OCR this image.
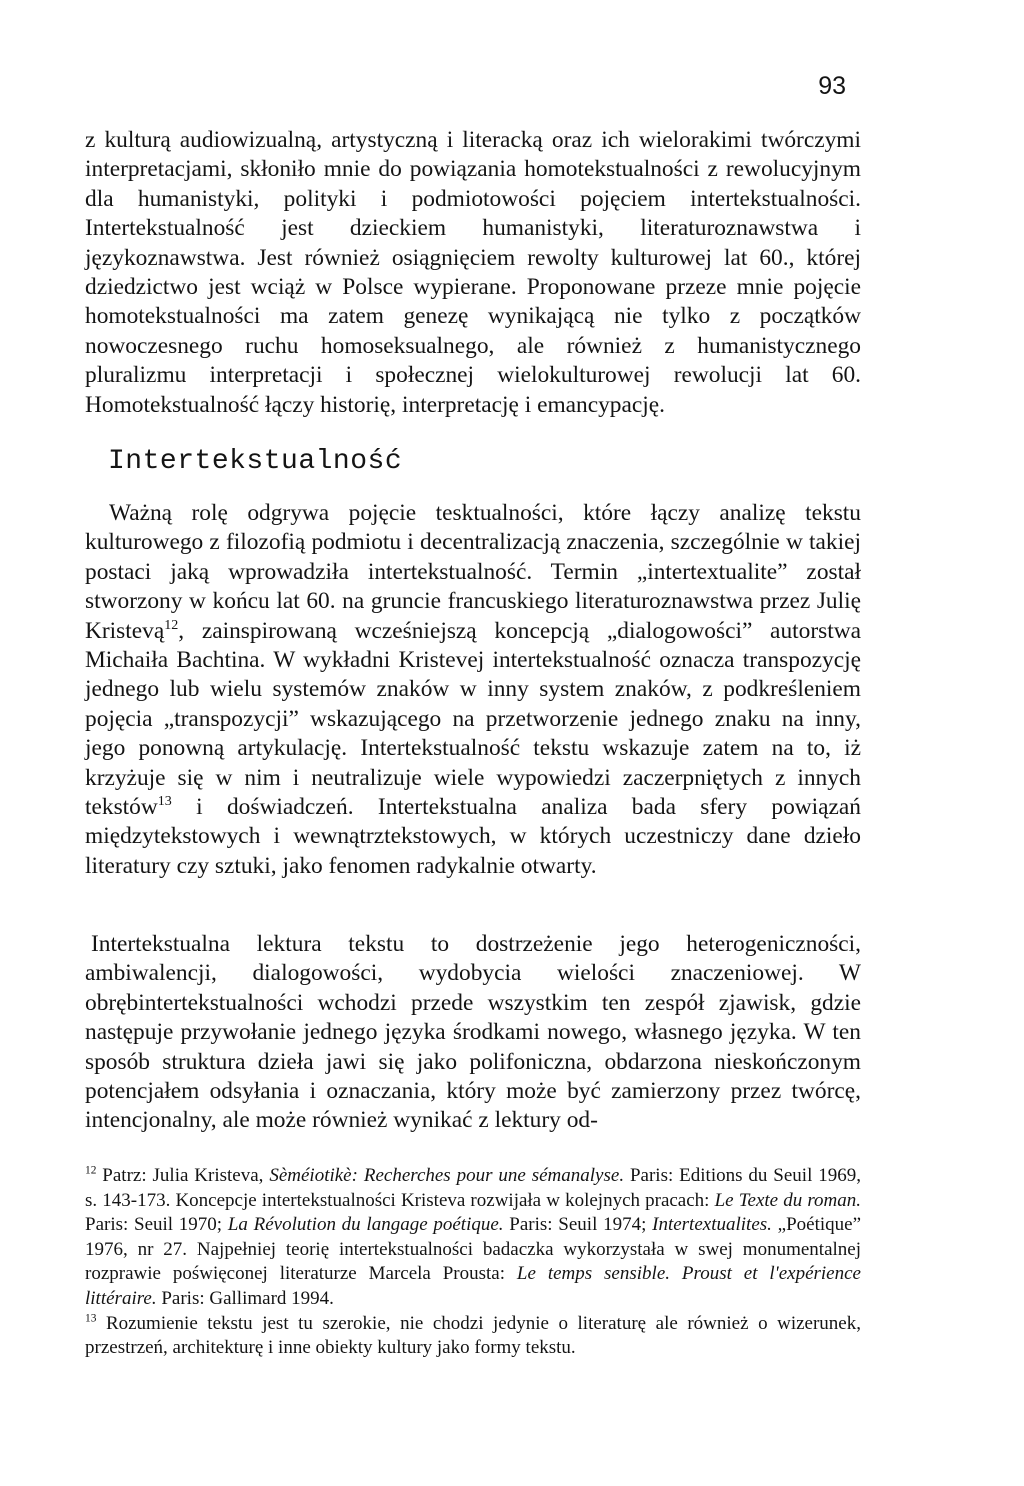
93

z kulturą audiowizualną, artystyczną i literacką oraz ich wielorakimi twórczymi interpretacjami, skłoniło mnie do powiązania homotekstualności z rewolucyjnym dla humanistyki, polityki i podmiotowości pojęciem intertekstualności. Intertekstualność jest dzieckiem humanistyki, literaturoznawstwa i językoznawstwa. Jest również osiągnięciem rewolty kulturowej lat 60., której dziedzictwo jest wciąż w Polsce wypierane. Proponowane przeze mnie pojęcie homotekstualności ma zatem genezę wynikającą nie tylko z początków nowoczesnego ruchu homoseksualnego, ale również z humanistycznego pluralizmu interpretacji i społecznej wielokulturowej rewolucji lat 60. Homotekstualność łączy historię, interpretację i emancypację.

Intertekstualność

Ważną rolę odgrywa pojęcie tesktualności, które łączy analizę tekstu kulturowego z filozofią podmiotu i decentralizacją znaczenia, szczególnie w takiej postaci jaką wprowadziła intertekstualność. Termin „intertextualite” został stworzony w końcu lat 60. na gruncie francuskiego literaturoznawstwa przez Julię Kristevą$^{12}$, zainspirowaną wcześniejszą koncepcją „dialogowości” autorstwa Michaiła Bachtina. W wykładni Kristevej intertekstualność oznacza transpozycję jednego lub wielu systemów znaków w inny system znaków, z podkreśleniem pojęcia „transpozycji” wskazującego na przetworzenie jednego znaku na inny, jego ponowną artykulację. Intertekstualność tekstu wskazuje zatem na to, iż krzyżuje się w nim i neutralizuje wiele wypowiedzi zaczerpniętych z innych tekstów$^{13}$ i doświadczeń. Intertekstualna analiza bada sfery powiązań międzytekstowych i wewnątrztekstowych, w których uczestniczy dane dzieło literatury czy sztuki, jako fenomen radykalnie otwarty.

Intertekstualna lektura tekstu to dostrzeżenie jego heterogeniczności, ambiwalencji, dialogowości, wydobycia wielości znaczeniowej. W obrębintertekstualności wchodzi przede wszystkim ten zespół zjawisk, gdzie następuje przywołanie jednego języka środkami nowego, własnego języka. W ten sposób struktura dzieła jawi się jako polifoniczna, obdarzona nieskończonym potencjałem odsyłania i oznaczania, który może być zamierzony przez twórcę, intencjonalny, ale może również wynikać z lektury od-

$^{12}$ Patrz: Julia Kristeva, Sèméiotikè: Recherches pour une sémanalyse. Paris: Editions du Seuil 1969, s. 143-173. Koncepcje intertekstualności Kristeva rozwijała w kolejnych pracach: Le Texte du roman. Paris: Seuil 1970; La Révolution du langage poétique. Paris: Seuil 1974; Intertextualites. „Poétique” 1976, nr 27. Najpełniej teorię intertekstualności badaczka wykorzystała w swej monumentalnej rozprawie poświęconej literaturze Marcela Prousta: Le temps sensible. Proust et l'expérience littéraire. Paris: Gallimard 1994.

$^{13}$ Rozumienie tekstu jest tu szerokie, nie chodzi jedynie o literaturę ale również o wizerunek, przestrzeń, architekturę i inne obiekty kultury jako formy tekstu.
